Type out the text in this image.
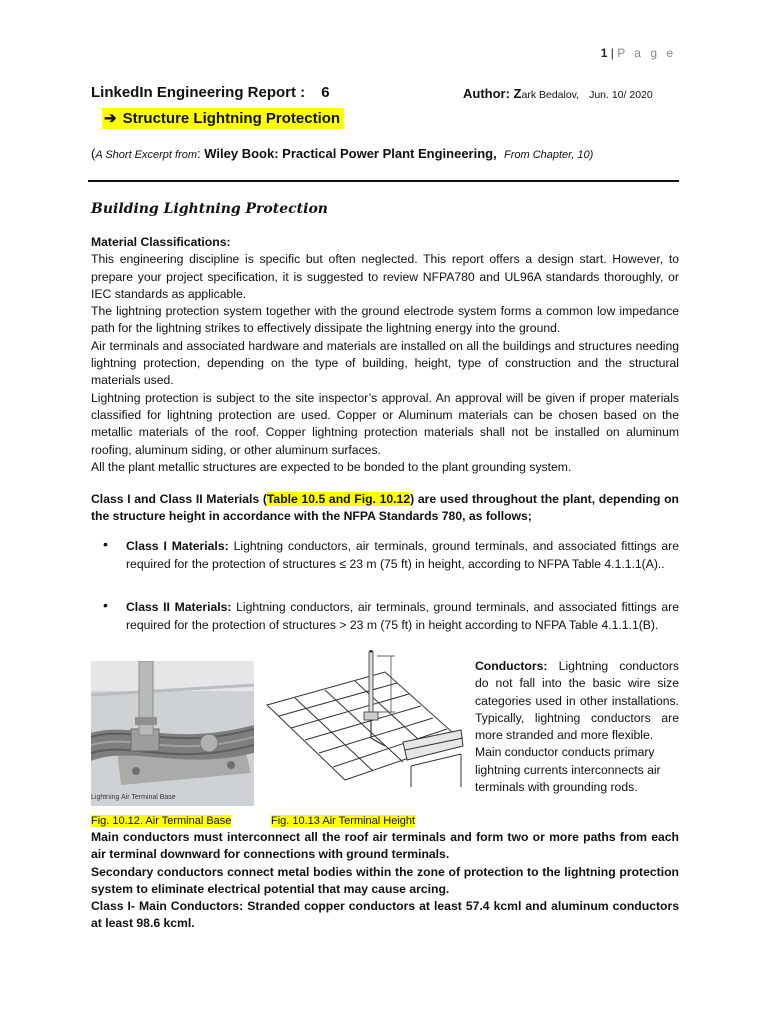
1 | P a g e
LinkedIn Engineering Report : 6	Author: Zark Bedalov, Jun. 10/ 2020
➔ Structure Lightning Protection
(A Short Excerpt from: Wiley Book: Practical Power Plant Engineering, From Chapter, 10)
Building Lightning Protection
Material Classifications:
This engineering discipline is specific but often neglected. This report offers a design start. However, to prepare your project specification, it is suggested to review NFPA780 and UL96A standards thoroughly, or IEC standards as applicable.
The lightning protection system together with the ground electrode system forms a common low impedance path for the lightning strikes to effectively dissipate the lightning energy into the ground.
Air terminals and associated hardware and materials are installed on all the buildings and structures needing lightning protection, depending on the type of building, height, type of construction and the structural materials used.
Lightning protection is subject to the site inspector’s approval. An approval will be given if proper materials classified for lightning protection are used. Copper or Aluminum materials can be chosen based on the metallic materials of the roof. Copper lightning protection materials shall not be installed on aluminum roofing, aluminum siding, or other aluminum surfaces.
All the plant metallic structures are expected to be bonded to the plant grounding system.
Class I and Class II Materials (Table 10.5 and Fig. 10.12) are used throughout the plant, depending on the structure height in accordance with the NFPA Standards 780, as follows;
• Class I Materials: Lightning conductors, air terminals, ground terminals, and associated fittings are required for the protection of structures ≤ 23 m (75 ft) in height, according to NFPA Table 4.1.1.1(A)..
• Class II Materials: Lightning conductors, air terminals, ground terminals, and associated fittings are required for the protection of structures > 23 m (75 ft) in height according to NFPA Table 4.1.1.1(B).
Lightning Air Terminal Base
Fig. 10.12. Air Terminal Base	Fig. 10.13 Air Terminal Height
Conductors: Lightning conductors do not fall into the basic wire size categories used in other installations. Typically, lightning conductors are more stranded and more flexible.
Main conductor conducts primary lightning currents interconnects air terminals with grounding rods.
Main conductors must interconnect all the roof air terminals and form two or more paths from each air terminal downward for connections with ground terminals.
Secondary conductors connect metal bodies within the zone of protection to the lightning protection system to eliminate electrical potential that may cause arcing.
Class I- Main Conductors: Stranded copper conductors at least 57.4 kcml and aluminum conductors at least 98.6 kcml.
